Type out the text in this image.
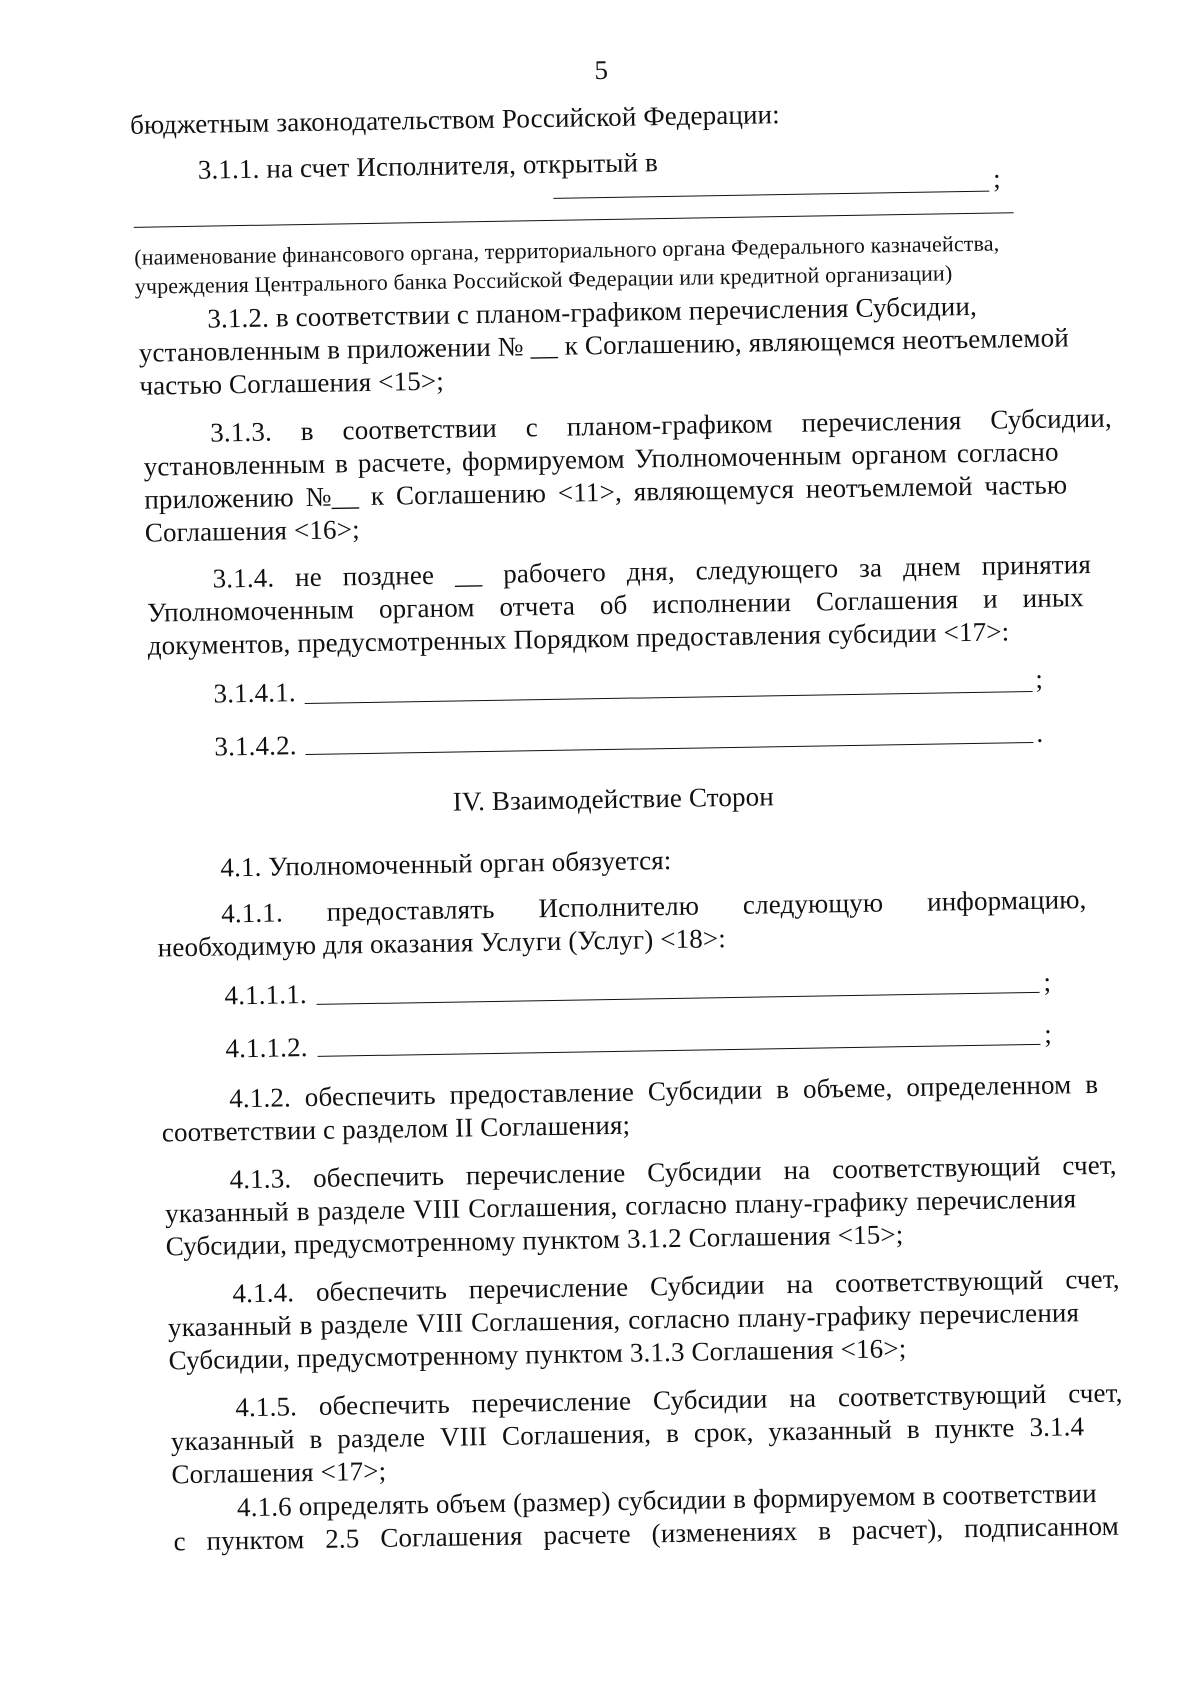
5
бюджетным законодательством Российской Федерации:
3.1.1. на счет Исполнителя, открытый в	;
(наименование финансового органа, территориального органа Федерального казначейства,
учреждения Центрального банка Российской Федерации или кредитной организации)
3.1.2. в соответствии с планом-графиком перечисления Субсидии,
установленным в приложении № __ к Соглашению, являющемся неотъемлемой
частью Соглашения <15>;
3.1.3. в соответствии с планом-графиком перечисления Субсидии,
установленным в расчете, формируемом Уполномоченным органом согласно
приложению №__ к Соглашению <11>, являющемуся неотъемлемой частью
Соглашения <16>;
3.1.4. не позднее __ рабочего дня, следующего за днем принятия
Уполномоченным органом отчета об исполнении Соглашения и иных
документов, предусмотренных Порядком предоставления субсидии <17>:
3.1.4.1.	;
3.1.4.2.	.
IV. Взаимодействие Сторон
4.1. Уполномоченный орган обязуется:
4.1.1. предоставлять Исполнителю следующую информацию,
необходимую для оказания Услуги (Услуг) <18>:
4.1.1.1.	;
4.1.1.2.	;
4.1.2. обеспечить предоставление Субсидии в объеме, определенном в
соответствии с разделом II Соглашения;
4.1.3. обеспечить перечисление Субсидии на соответствующий счет,
указанный в разделе VIII Соглашения, согласно плану-графику перечисления
Субсидии, предусмотренному пунктом 3.1.2 Соглашения <15>;
4.1.4. обеспечить перечисление Субсидии на соответствующий счет,
указанный в разделе VIII Соглашения, согласно плану-графику перечисления
Субсидии, предусмотренному пунктом 3.1.3 Соглашения <16>;
4.1.5. обеспечить перечисление Субсидии на соответствующий счет,
указанный в разделе VIII Соглашения, в срок, указанный в пункте 3.1.4
Соглашения <17>;
4.1.6 определять объем (размер) субсидии в формируемом в соответствии
с пунктом 2.5 Соглашения расчете (изменениях в расчет), подписанном
